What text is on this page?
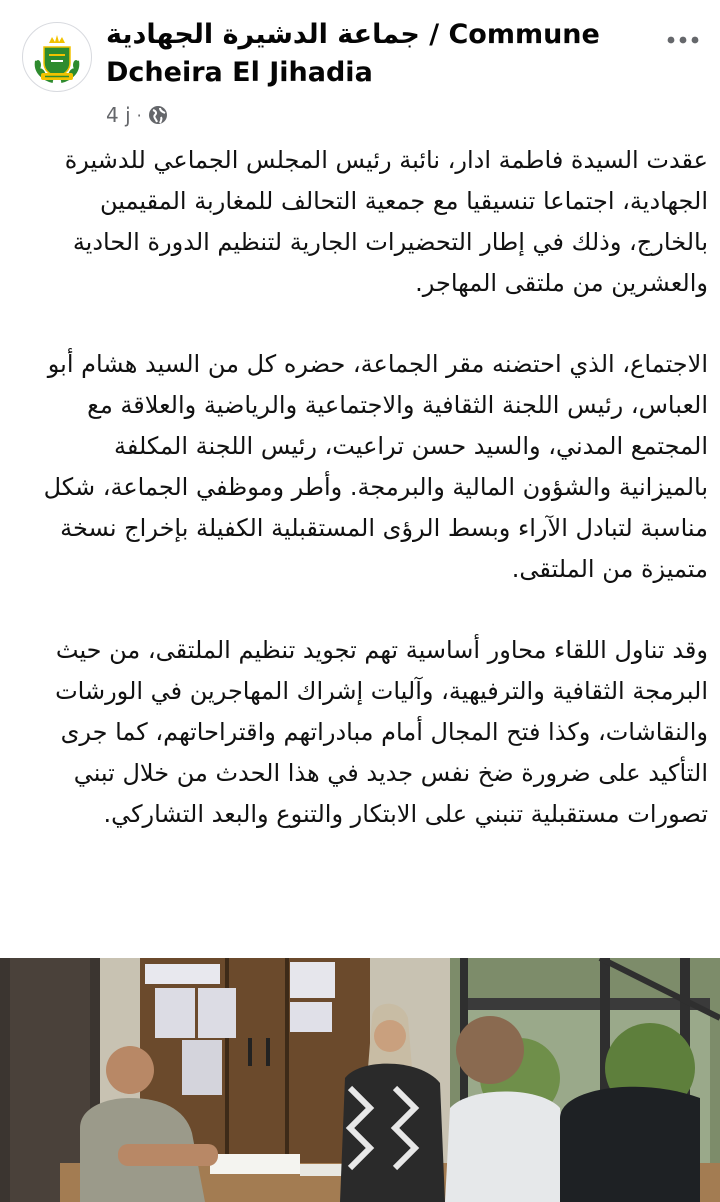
جماعة الدشيرة الجهادية / Commune Dcheira El Jihadia
4 j ·

عقدت السيدة فاطمة ادار، نائبة رئيس المجلس الجماعي للدشيرة الجهادية، اجتماعا تنسيقيا مع جمعية التحالف للمغاربة المقيمين بالخارج، وذلك في إطار التحضيرات الجارية لتنظيم الدورة الحادية والعشرين من ملتقى المهاجر.

الاجتماع، الذي احتضنه مقر الجماعة، حضره كل من السيد هشام أبو العباس، رئيس اللجنة الثقافية والاجتماعية والرياضية والعلاقة مع المجتمع المدني، والسيد حسن تراعيت، رئيس اللجنة المكلفة بالميزانية والشؤون المالية والبرمجة. وأطر وموظفي الجماعة، شكل مناسبة لتبادل الآراء وبسط الرؤى المستقبلية الكفيلة بإخراج نسخة متميزة من الملتقى.

وقد تناول اللقاء محاور أساسية تهم تجويد تنظيم الملتقى، من حيث البرمجة الثقافية والترفيهية، وآليات إشراك المهاجرين في الورشات والنقاشات، وكذا فتح المجال أمام مبادراتهم واقتراحاتهم، كما جرى التأكيد على ضرورة ضخ نفس جديد في هذا الحدث من خلال تبني تصورات مستقبلية تنبني على الابتكار والتنوع والبعد التشاركي.
